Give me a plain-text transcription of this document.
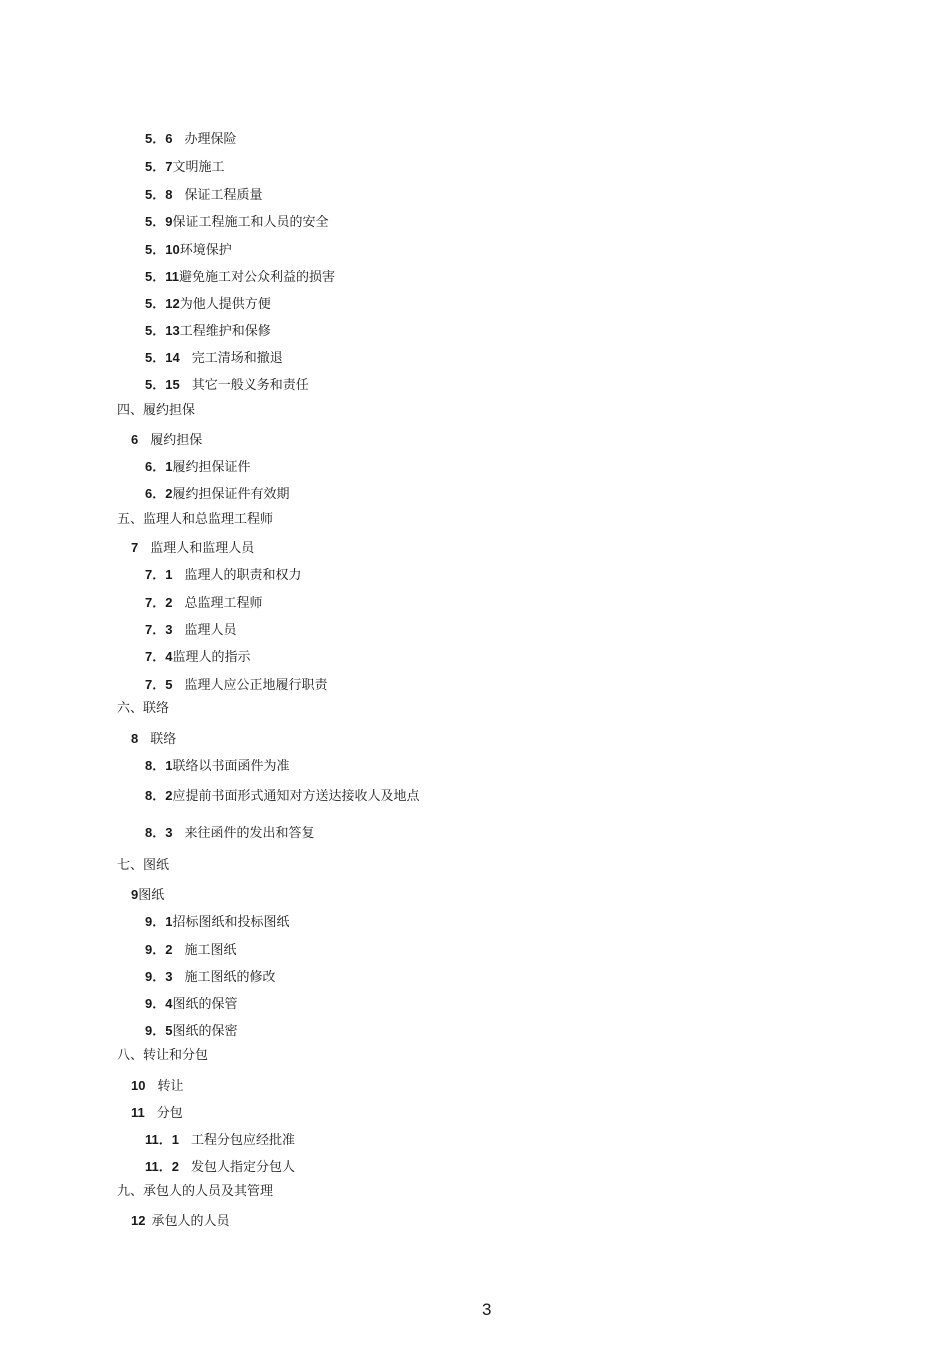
5．6 办理保险
5．7文明施工
5．8 保证工程质量
5．9保证工程施工和人员的安全
5．10环境保护
5．11避免施工对公众利益的损害
5．12为他人提供方便
5．13工程维护和保修
5．14 完工清场和撤退
5．15 其它一般义务和责任
四、履约担保
6 履约担保
6．1履约担保证件
6．2履约担保证件有效期
五、监理人和总监理工程师
7 监理人和监理人员
7．1 监理人的职责和权力
7．2 总监理工程师
7．3 监理人员
7．4监理人的指示
7．5 监理人应公正地履行职责
六、联络
8 联络
8．1联络以书面函件为准
8．2应提前书面形式通知对方送达接收人及地点
8．3 来往函件的发出和答复
七、图纸
9图纸
9．1招标图纸和投标图纸
9．2 施工图纸
9．3 施工图纸的修改
9．4图纸的保管
9．5图纸的保密
八、转让和分包
10 转让
11 分包
11．1 工程分包应经批准
11．2 发包人指定分包人
九、承包人的人员及其管理
12 承包人的人员
3
